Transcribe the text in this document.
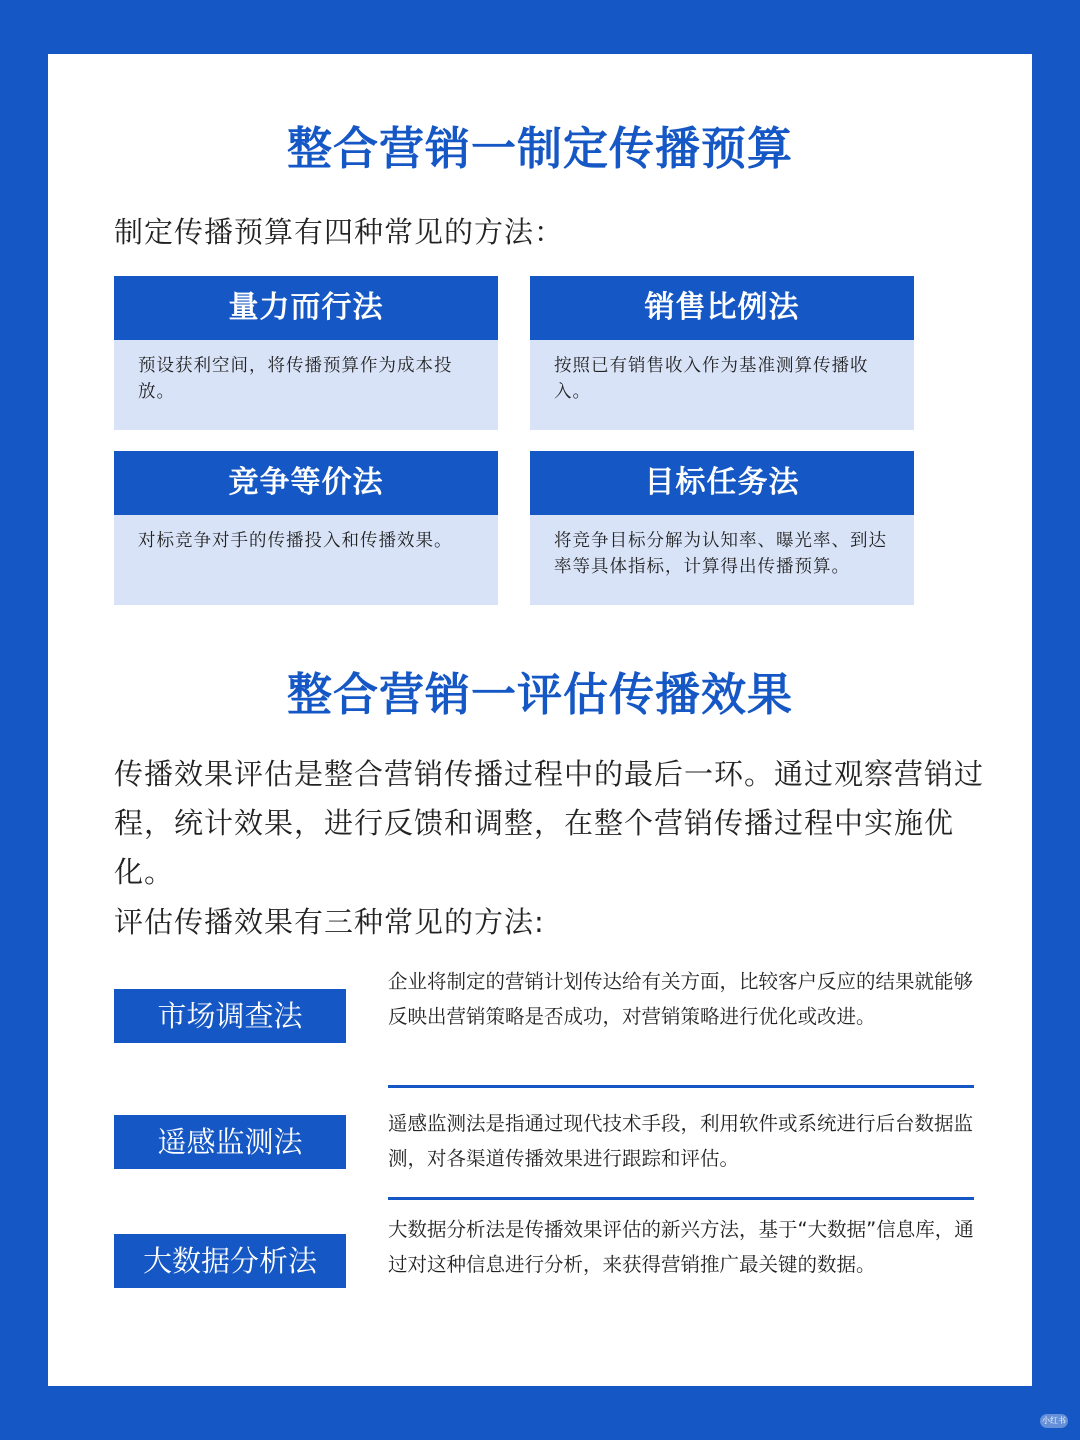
整合营销一制定传播预算
制定传播预算有四种常见的方法：
量力而行法
预设获利空间，将传播预算作为成本投放。
销售比例法
按照已有销售收入作为基准测算传播收入。
竞争等价法
对标竞争对手的传播投入和传播效果。
目标任务法
将竞争目标分解为认知率、曝光率、到达率等具体指标，计算得出传播预算。
整合营销一评估传播效果
传播效果评估是整合营销传播过程中的最后一环。通过观察营销过程，统计效果，进行反馈和调整，在整个营销传播过程中实施优化。
评估传播效果有三种常见的方法:
市场调查法
企业将制定的营销计划传达给有关方面，比较客户反应的结果就能够反映出营销策略是否成功，对营销策略进行优化或改进。
遥感监测法
遥感监测法是指通过现代技术手段，利用软件或系统进行后台数据监测，对各渠道传播效果进行跟踪和评估。
大数据分析法
大数据分析法是传播效果评估的新兴方法，基于“大数据”信息库，通过对这种信息进行分析，来获得营销推广最关键的数据。
小红书
